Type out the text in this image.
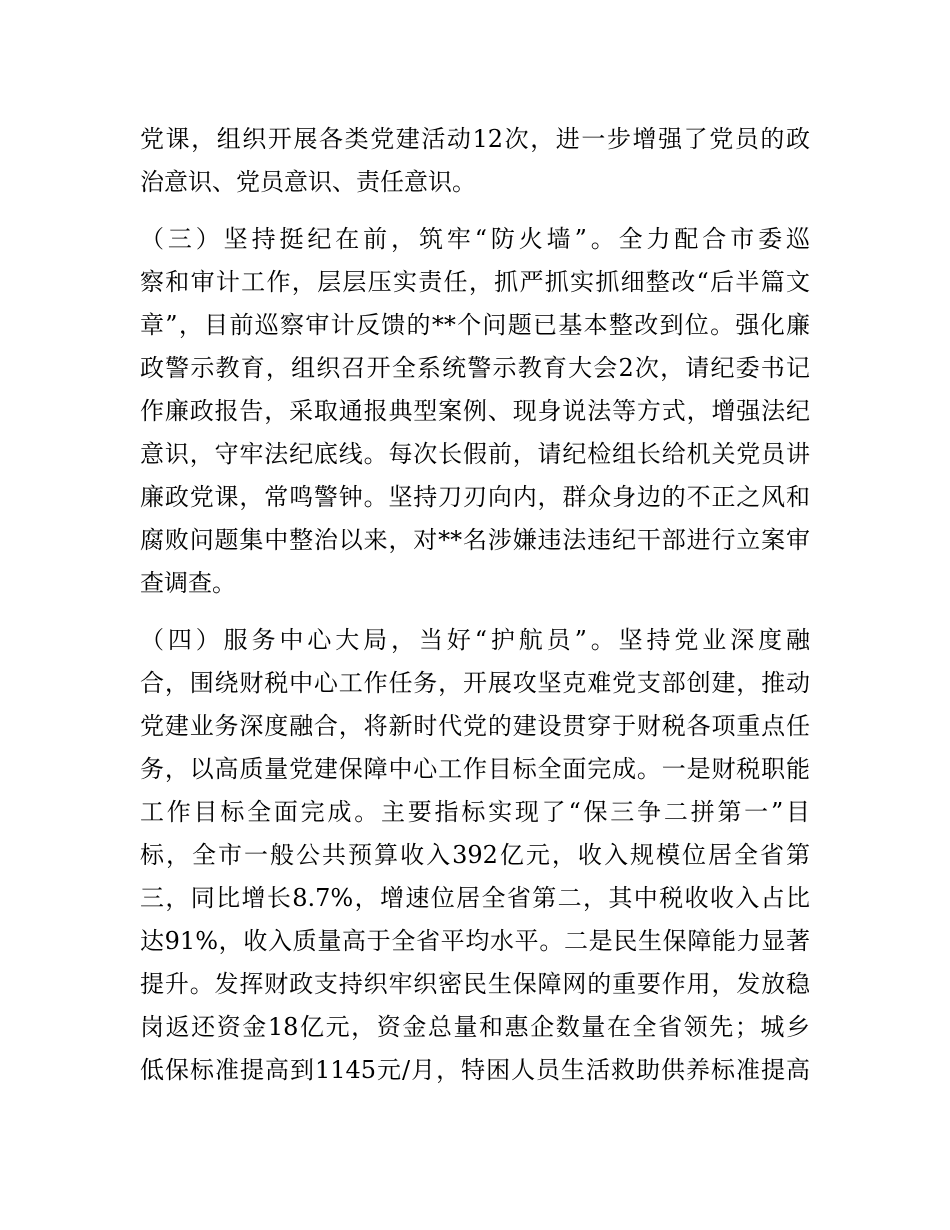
党课，组织开展各类党建活动12次，进一步增强了党员的政
治意识、党员意识、责任意识。
（三）坚持挺纪在前，筑牢“防火墙”。全力配合市委巡
察和审计工作，层层压实责任，抓严抓实抓细整改“后半篇文
章”，目前巡察审计反馈的**个问题已基本整改到位。强化廉
政警示教育，组织召开全系统警示教育大会2次，请纪委书记
作廉政报告，采取通报典型案例、现身说法等方式，增强法纪
意识，守牢法纪底线。每次长假前，请纪检组长给机关党员讲
廉政党课，常鸣警钟。坚持刀刃向内，群众身边的不正之风和
腐败问题集中整治以来，对**名涉嫌违法违纪干部进行立案审
查调查。
（四）服务中心大局，当好“护航员”。坚持党业深度融
合，围绕财税中心工作任务，开展攻坚克难党支部创建，推动
党建业务深度融合，将新时代党的建设贯穿于财税各项重点任
务，以高质量党建保障中心工作目标全面完成。一是财税职能
工作目标全面完成。主要指标实现了“保三争二拼第一”目
标，全市一般公共预算收入392亿元，收入规模位居全省第
三，同比增长8.7%，增速位居全省第二，其中税收收入占比
达91%，收入质量高于全省平均水平。二是民生保障能力显著
提升。发挥财政支持织牢织密民生保障网的重要作用，发放稳
岗返还资金18亿元，资金总量和惠企数量在全省领先；城乡
低保标准提高到1145元/月，特困人员生活救助供养标准提高
